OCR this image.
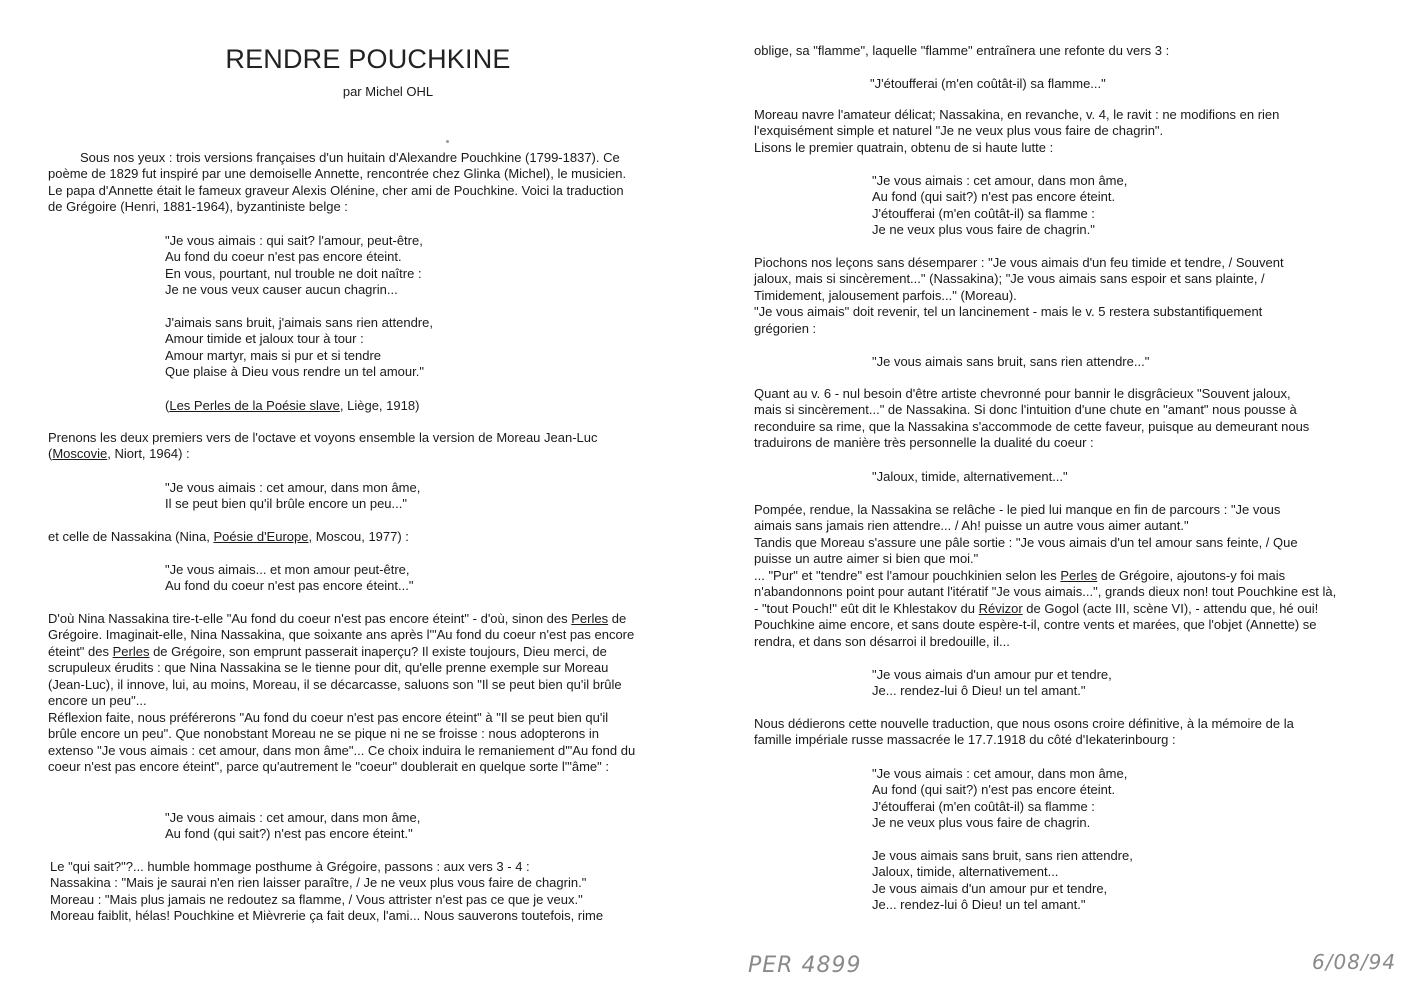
RENDRE POUCHKINE
par Michel OHL

Sous nos yeux : trois versions françaises d'un huitain d'Alexandre Pouchkine (1799-1837). Ce poème de 1829 fut inspiré par une demoiselle Annette, rencontrée chez Glinka (Michel), le musicien. Le papa d'Annette était le fameux graveur Alexis Olénine, cher ami de Pouchkine. Voici la traduction de Grégoire (Henri, 1881-1964), byzantiniste belge :

"Je vous aimais : qui sait? l'amour, peut-être,
Au fond du coeur n'est pas encore éteint.
En vous, pourtant, nul trouble ne doit naître :
Je ne vous veux causer aucun chagrin...
J'aimais sans bruit, j'aimais sans rien attendre,
Amour timide et jaloux tour à tour :
Amour martyr, mais si pur et si tendre
Que plaise à Dieu vous rendre un tel amour."
(Les Perles de la Poésie slave, Liège, 1918)

Prenons les deux premiers vers de l'octave et voyons ensemble la version de Moreau Jean-Luc (Moscovie, Niort, 1964) :

"Je vous aimais : cet amour, dans mon âme,
Il se peut bien qu'il brûle encore un peu..."

et celle de Nassakina (Nina, Poésie d'Europe, Moscou, 1977) :

"Je vous aimais... et mon amour peut-être,
Au fond du coeur n'est pas encore éteint..."

D'où Nina Nassakina tire-t-elle "Au fond du coeur n'est pas encore éteint" - d'où, sinon des Perles de Grégoire. Imaginait-elle, Nina Nassakina, que soixante ans après l'"Au fond du coeur n'est pas encore éteint" des Perles de Grégoire, son emprunt passerait inaperçu? Il existe toujours, Dieu merci, de scrupuleux érudits : que Nina Nassakina se le tienne pour dit, qu'elle prenne exemple sur Moreau (Jean-Luc), il innove, lui, au moins, Moreau, il se décarcasse, saluons son "Il se peut bien qu'il brûle encore un peu"...

Réflexion faite, nous préférerons "Au fond du coeur n'est pas encore éteint" à "Il se peut bien qu'il brûle encore un peu". Que nonobstant Moreau ne se pique ni ne se froisse : nous adopterons in extenso "Je vous aimais : cet amour, dans mon âme"... Ce choix induira le remaniement d'"Au fond du coeur n'est pas encore éteint", parce qu'autrement le "coeur" doublerait en quelque sorte l'"âme" :

"Je vous aimais : cet amour, dans mon âme,
Au fond (qui sait?) n'est pas encore éteint."
Le "qui sait?"?... humble hommage posthume à Grégoire, passons : aux vers 3 - 4 :
Nassakina : "Mais je saurai n'en rien laisser paraître, / Je ne veux plus vous faire de chagrin."
Moreau : "Mais plus jamais ne redoutez sa flamme, / Vous attrister n'est pas ce que je veux."
Moreau faiblit, hélas! Pouchkine et Mièvrerie ça fait deux, l'ami... Nous sauverons toutefois, rime
oblige, sa "flamme", laquelle "flamme" entraînera une refonte du vers 3 :
"J'étoufferai (m'en coûtât-il) sa flamme..."
Moreau navre l'amateur délicat; Nassakina, en revanche, v. 4, le ravit : ne modifions en rien
l'exquisément simple et naturel "Je ne veux plus vous faire de chagrin".
Lisons le premier quatrain, obtenu de si haute lutte :
"Je vous aimais : cet amour, dans mon âme,
Au fond (qui sait?) n'est pas encore éteint.
J'étoufferai (m'en coûtât-il) sa flamme :
Je ne veux plus vous faire de chagrin."
Piochons nos leçons sans désemparer : "Je vous aimais d'un feu timide et tendre, / Souvent
jaloux, mais si sincèrement..." (Nassakina); "Je vous aimais sans espoir et sans plainte, /
Timidement, jalousement parfois..." (Moreau).
"Je vous aimais" doit revenir, tel un lancinement - mais le v. 5 restera substantifiquement
grégorien :
"Je vous aimais sans bruit, sans rien attendre..."
Quant au v. 6 - nul besoin d'être artiste chevronné pour bannir le disgrâcieux "Souvent jaloux,
mais si sincèrement..." de Nassakina. Si donc l'intuition d'une chute en "amant" nous pousse à
reconduire sa rime, que la Nassakina s'accommode de cette faveur, puisque au demeurant nous
traduirons de manière très personnelle la dualité du coeur :
"Jaloux, timide, alternativement..."
Pompée, rendue, la Nassakina se relâche - le pied lui manque en fin de parcours : "Je vous
aimais sans jamais rien attendre... / Ah! puisse un autre vous aimer autant."
Tandis que Moreau s'assure une pâle sortie : "Je vous aimais d'un tel amour sans feinte, / Que
puisse un autre aimer si bien que moi."

... "Pur" et "tendre" est l'amour pouchkinien selon les Perles de Grégoire, ajoutons-y foi mais n'abandonnons point pour autant l'itératif "Je vous aimais...", grands dieux non! tout Pouchkine est là, - "tout Pouch!" eût dit le Khlestakov du Révizor de Gogol (acte III, scène VI), - attendu que, hé oui! Pouchkine aime encore, et sans doute espère-t-il, contre vents et marées, que l'objet (Annette) se rendra, et dans son désarroi il bredouille, il...

"Je vous aimais d'un amour pur et tendre,
Je... rendez-lui ô Dieu! un tel amant."
Nous dédierons cette nouvelle traduction, que nous osons croire définitive, à la mémoire de la
famille impériale russe massacrée le 17.7.1918 du côté d'Iekaterinbourg :
"Je vous aimais : cet amour, dans mon âme,
Au fond (qui sait?) n'est pas encore éteint.
J'étoufferai (m'en coûtât-il) sa flamme :
Je ne veux plus vous faire de chagrin.
Je vous aimais sans bruit, sans rien attendre,
Jaloux, timide, alternativement...
Je vous aimais d'un amour pur et tendre,
Je... rendez-lui ô Dieu! un tel amant."
PER 4899	6/08/94
